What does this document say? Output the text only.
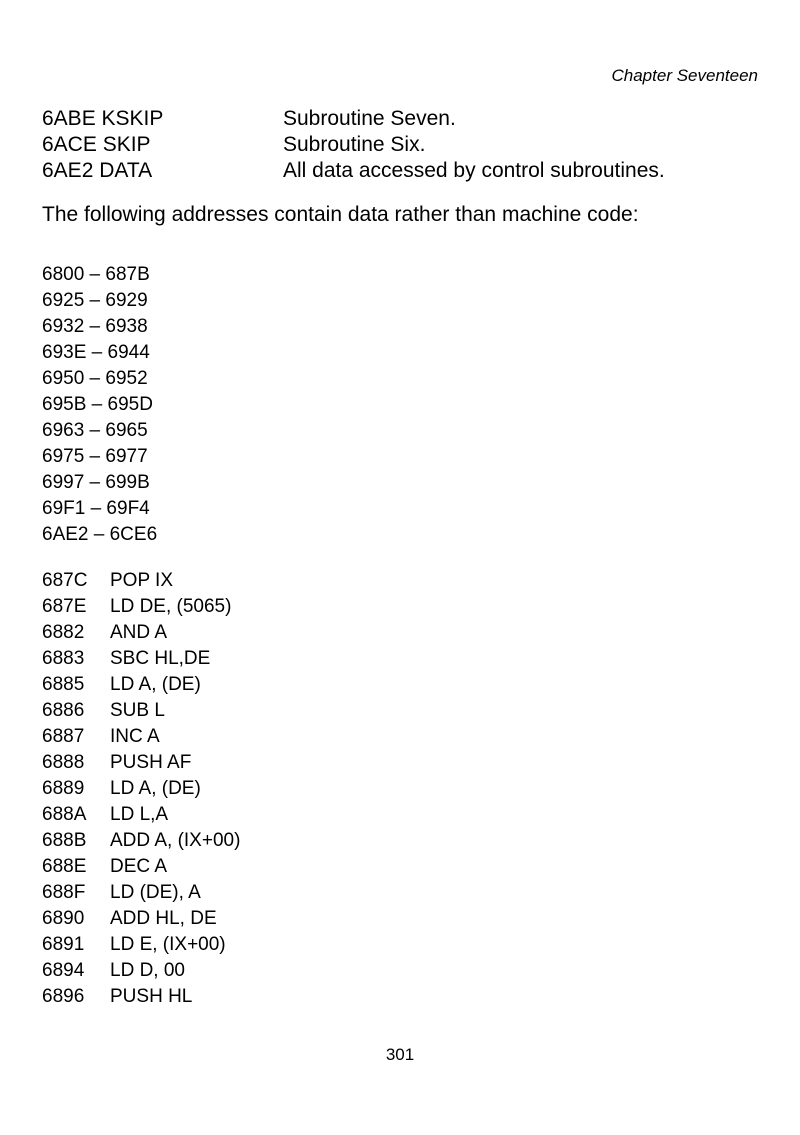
Chapter Seventeen
6ABE KSKIP	Subroutine Seven.
6ACE SKIP	Subroutine Six.
6AE2 DATA	All data accessed by control subroutines.
The following addresses contain data rather than machine code:
6800 – 687B
6925 – 6929
6932 – 6938
693E – 6944
6950 – 6952
695B – 695D
6963 – 6965
6975 – 6977
6997 – 699B
69F1 – 69F4
6AE2 – 6CE6
687C	POP IX
687E	LD DE, (5065)
6882	AND A
6883	SBC HL,DE
6885	LD A, (DE)
6886	SUB L
6887	INC A
6888	PUSH AF
6889	LD A, (DE)
688A	LD L,A
688B	ADD A, (IX+00)
688E	DEC A
688F	LD (DE), A
6890	ADD HL, DE
6891	LD E, (IX+00)
6894	LD D, 00
6896	PUSH HL
301
